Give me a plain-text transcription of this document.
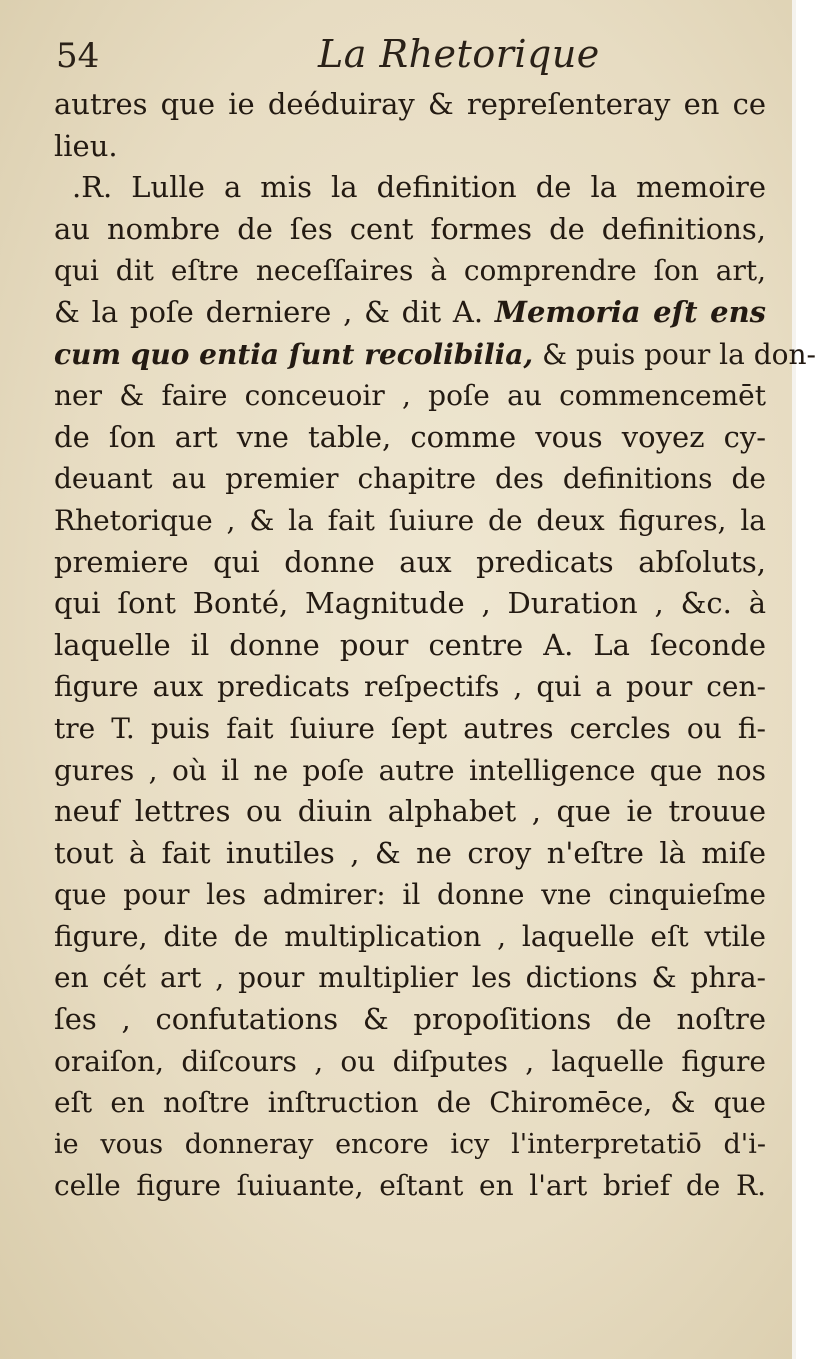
54	La Rhetorique
autres que ie deéduiray & repreſenteray en ce
lieu.
.R. Lulle a mis la definition de la memoire
au nombre de ſes cent formes de definitions,
qui dit eſtre neceſſaires à comprendre ſon art,
& la poſe derniere , & dit A. Memoria eſt ens
cum quo entia ſunt recolibilia, & puis pour la don-
ner & faire conceuoir , poſe au commencemēt
de ſon art vne table, comme vous voyez cy-
deuant au premier chapitre des definitions de
Rhetorique , & la fait ſuiure de deux figures, la
premiere qui donne aux predicats abſoluts,
qui ſont Bonté, Magnitude , Duration , &c. à
laquelle il donne pour centre A. La ſeconde
figure aux predicats reſpectifs , qui a pour cen-
tre T. puis fait ſuiure ſept autres cercles ou fi-
gures , où il ne poſe autre intelligence que nos
neuf lettres ou diuin alphabet , que ie trouue
tout à fait inutiles , & ne croy n'eſtre là miſe
que pour les admirer: il donne vne cinquieſme
figure, dite de multiplication , laquelle eſt vtile
en cét art , pour multiplier les dictions & phra-
ſes , confutations & propoſitions de noſtre
oraiſon, diſcours , ou diſputes , laquelle figure
eſt en noſtre inſtruction de Chiromēce, & que
ie vous donneray encore icy l'interpretatiō d'i-
celle figure ſuiuante, eſtant en l'art brief de R.
